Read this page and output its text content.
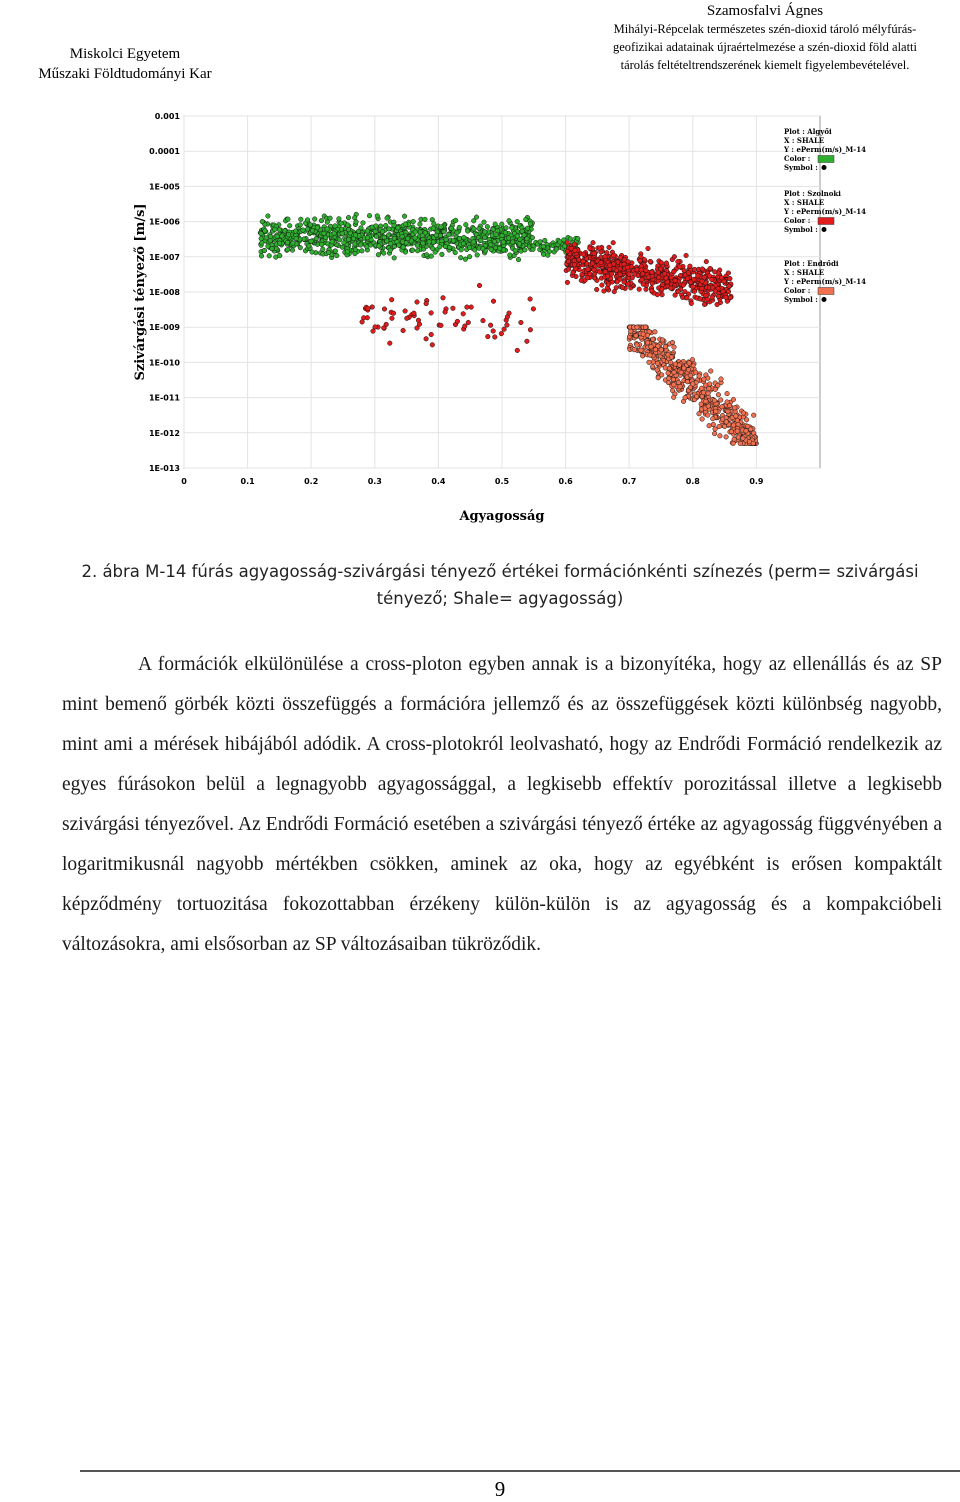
Miskolci Egyetem
Műszaki Földtudományi Kar
Szamosfalvi Ágnes
Mihályi-Répcelak természetes szén-dioxid tároló mélyfúrás-
geofizikai adatainak újraértelmezése a szén-dioxid föld alatti
tárolás feltételtrendszerének kiemelt figyelembevételével.
0.001
0.0001
1E-005
1E-006
1E-007
1E-008
1E-009
1E-010
1E-011
1E-012
1E-013
0	0.1	0.2	0.3	0.4	0.5	0.6	0.7	0.8	0.9
Szivárgási tényező [m/s]
Agyagosság
Plot : Algyői
X : SHALE
Y : ePerm(m/s)_M-14
Color :
Symbol :
Plot : Szolnoki
X : SHALE
Y : ePerm(m/s)_M-14
Color :
Symbol :
Plot : Endrődi
X : SHALE
Y : ePerm(m/s)_M-14
Color :
Symbol :
2. ábra M-14 fúrás agyagosság-szivárgási tényező értékei formációnkénti színezés (perm= szivárgási tényező; Shale= agyagosság)
A formációk elkülönülése a cross-ploton egyben annak is a bizonyítéka, hogy az ellenállás és az SP mint bemenő görbék közti összefüggés a formációra jellemző és az összefüggések közti különbség nagyobb, mint ami a mérések hibájából adódik. A cross-plotokról leolvasható, hogy az Endrődi Formáció rendelkezik az egyes fúrásokon belül a legnagyobb agyagossággal, a legkisebb effektív porozitással illetve a legkisebb szivárgási tényezővel. Az Endrődi Formáció esetében a szivárgási tényező értéke az agyagosság függvényében a logaritmikusnál nagyobb mértékben csökken, aminek az oka, hogy az egyébként is erősen kompaktált képződmény tortuozitása fokozottabban érzékeny külön-külön is az agyagosság és a kompakcióbeli változásokra, ami elsősorban az SP változásaiban tükröződik.
9
